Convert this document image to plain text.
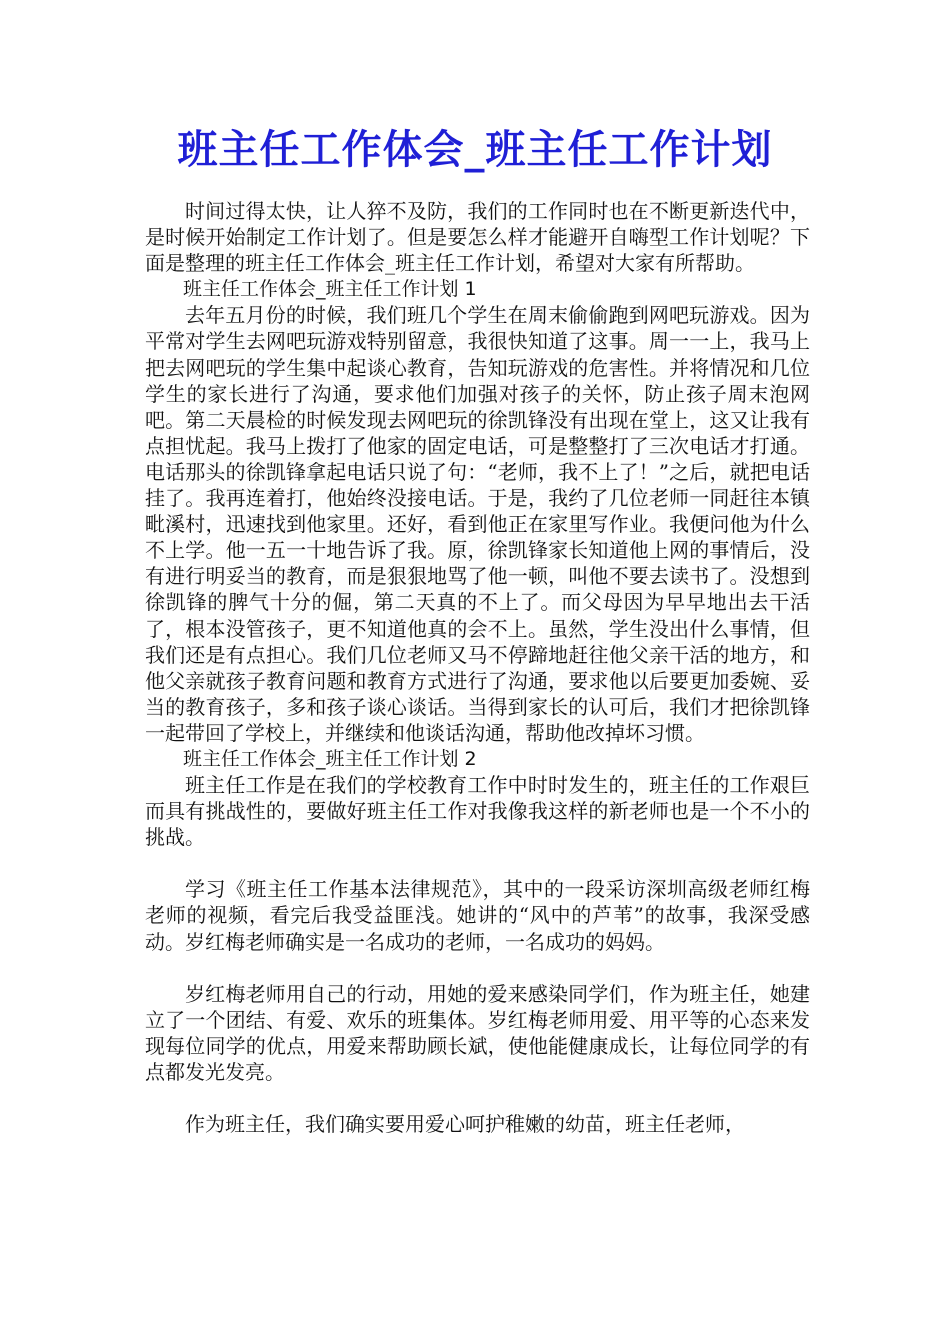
班主任工作体会_班主任工作计划

时间过得太快，让人猝不及防，我们的工作同时也在不断更新迭代中，是时候开始制定工作计划了。但是要怎么样才能避开自嗨型工作计划呢？下面是整理的班主任工作体会_班主任工作计划，希望对大家有所帮助。

班主任工作体会_班主任工作计划 1

去年五月份的时候，我们班几个学生在周末偷偷跑到网吧玩游戏。因为平常对学生去网吧玩游戏特别留意，我很快知道了这事。周一一上，我马上把去网吧玩的学生集中起谈心教育，告知玩游戏的危害性。并将情况和几位学生的家长进行了沟通，要求他们加强对孩子的关怀，防止孩子周末泡网吧。第二天晨检的时候发现去网吧玩的徐凯锋没有出现在堂上，这又让我有点担忧起。我马上拨打了他家的固定电话，可是整整打了三次电话才打通。电话那头的徐凯锋拿起电话只说了句：“老师，我不上了！”之后，就把电话挂了。我再连着打，他始终没接电话。于是，我约了几位老师一同赶往本镇毗溪村，迅速找到他家里。还好，看到他正在家里写作业。我便问他为什么不上学。他一五一十地告诉了我。原，徐凯锋家长知道他上网的事情后，没有进行明妥当的教育，而是狠狠地骂了他一顿，叫他不要去读书了。没想到徐凯锋的脾气十分的倔，第二天真的不上了。而父母因为早早地出去干活了，根本没管孩子，更不知道他真的会不上。虽然，学生没出什么事情，但我们还是有点担心。我们几位老师又马不停蹄地赶往他父亲干活的地方，和他父亲就孩子教育问题和教育方式进行了沟通，要求他以后要更加委婉、妥当的教育孩子，多和孩子谈心谈话。当得到家长的认可后，我们才把徐凯锋一起带回了学校上，并继续和他谈话沟通，帮助他改掉坏习惯。

班主任工作体会_班主任工作计划 2

班主任工作是在我们的学校教育工作中时时发生的，班主任的工作艰巨而具有挑战性的，要做好班主任工作对我像我这样的新老师也是一个不小的挑战。

学习《班主任工作基本法律规范》，其中的一段采访深圳高级老师红梅老师的视频，看完后我受益匪浅。她讲的“风中的芦苇”的故事，我深受感动。岁红梅老师确实是一名成功的老师，一名成功的妈妈。

岁红梅老师用自己的行动，用她的爱来感染同学们，作为班主任，她建立了一个团结、有爱、欢乐的班集体。岁红梅老师用爱、用平等的心态来发现每位同学的优点，用爱来帮助顾长斌，使他能健康成长，让每位同学的有点都发光发亮。

作为班主任，我们确实要用爱心呵护稚嫩的幼苗，班主任老师，
